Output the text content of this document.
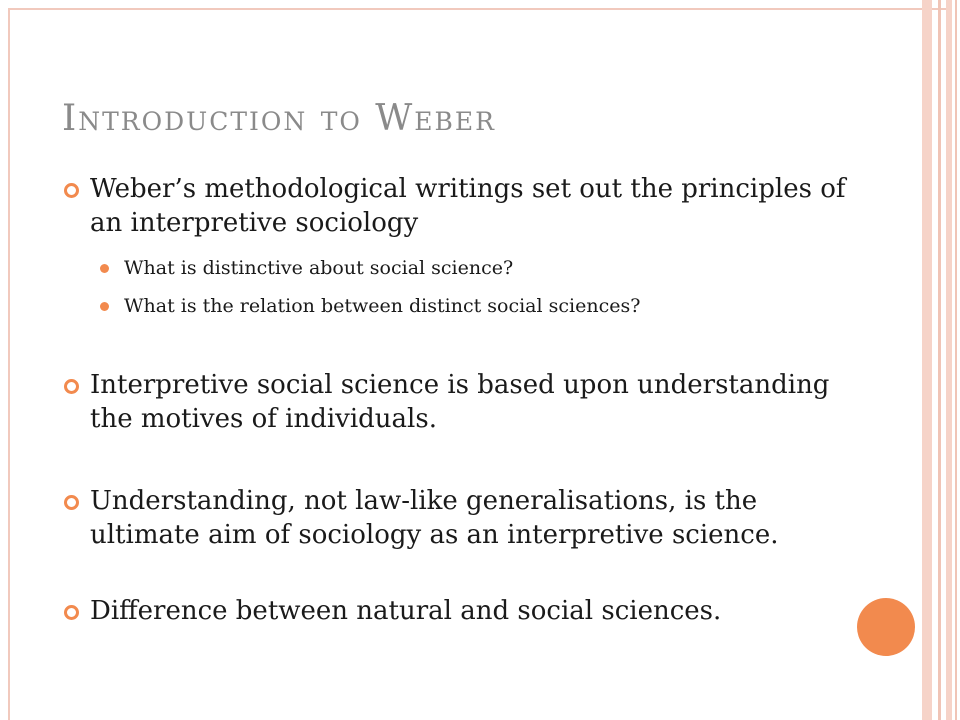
Introduction to Weber
Weber’s methodological writings set out the principles of an interpretive sociology
What is distinctive about social science?
What is the relation between distinct social sciences?
Interpretive social science is based upon understanding the motives of individuals.
Understanding, not law-like generalisations, is the ultimate aim of sociology as an interpretive science.
Difference between natural and social sciences.
